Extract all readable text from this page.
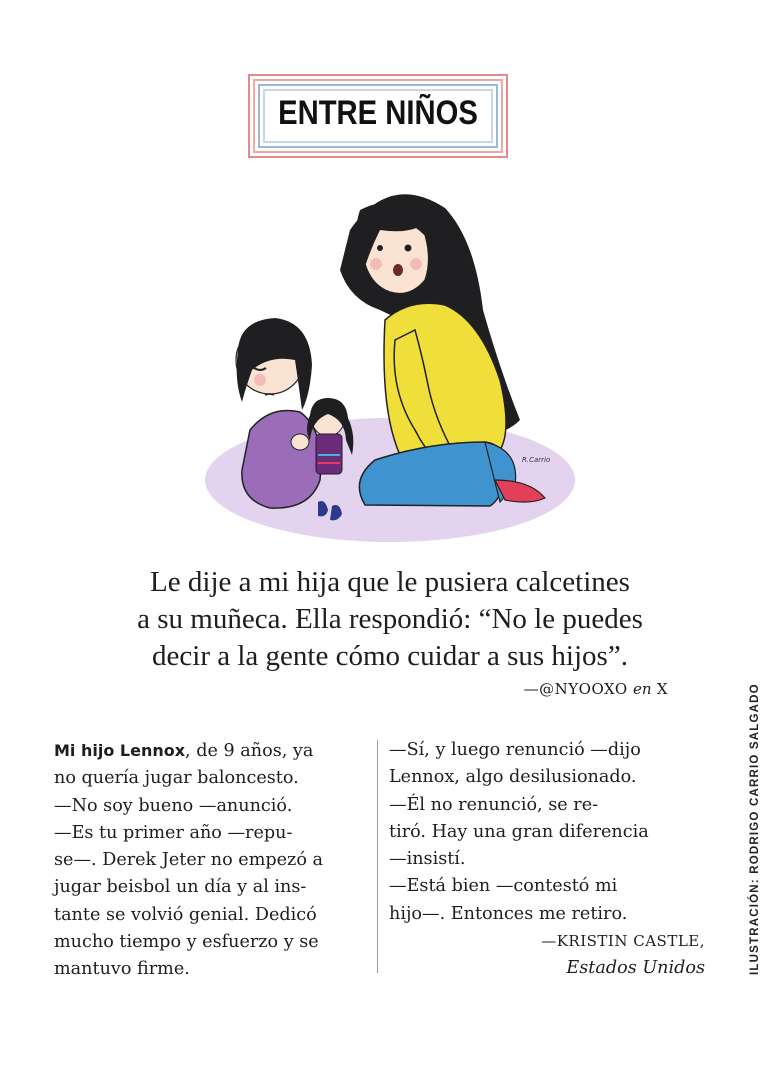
ENTRE NIÑOS
R.Carrio
Le dije a mi hija que le pusiera calcetines
a su muñeca. Ella respondió: “No le puedes
decir a la gente cómo cuidar a sus hijos”.
—@NYOOXO en X
Mi hijo Lennox, de 9 años, ya
no quería jugar baloncesto.
—No soy bueno —anunció.
—Es tu primer año —repu-
se—. Derek Jeter no empezó a
jugar beisbol un día y al ins-
tante se volvió genial. Dedicó
mucho tiempo y esfuerzo y se
mantuvo firme.
—Sí, y luego renunció —dijo
Lennox, algo desilusionado.
—Él no renunció, se re-
tiró. Hay una gran diferencia
—insistí.
—Está bien —contestó mi
hijo—. Entonces me retiro.
—KRISTIN CASTLE,
Estados Unidos	ILUSTRACIÓN: RODRIGO CARRIO SALGADO
